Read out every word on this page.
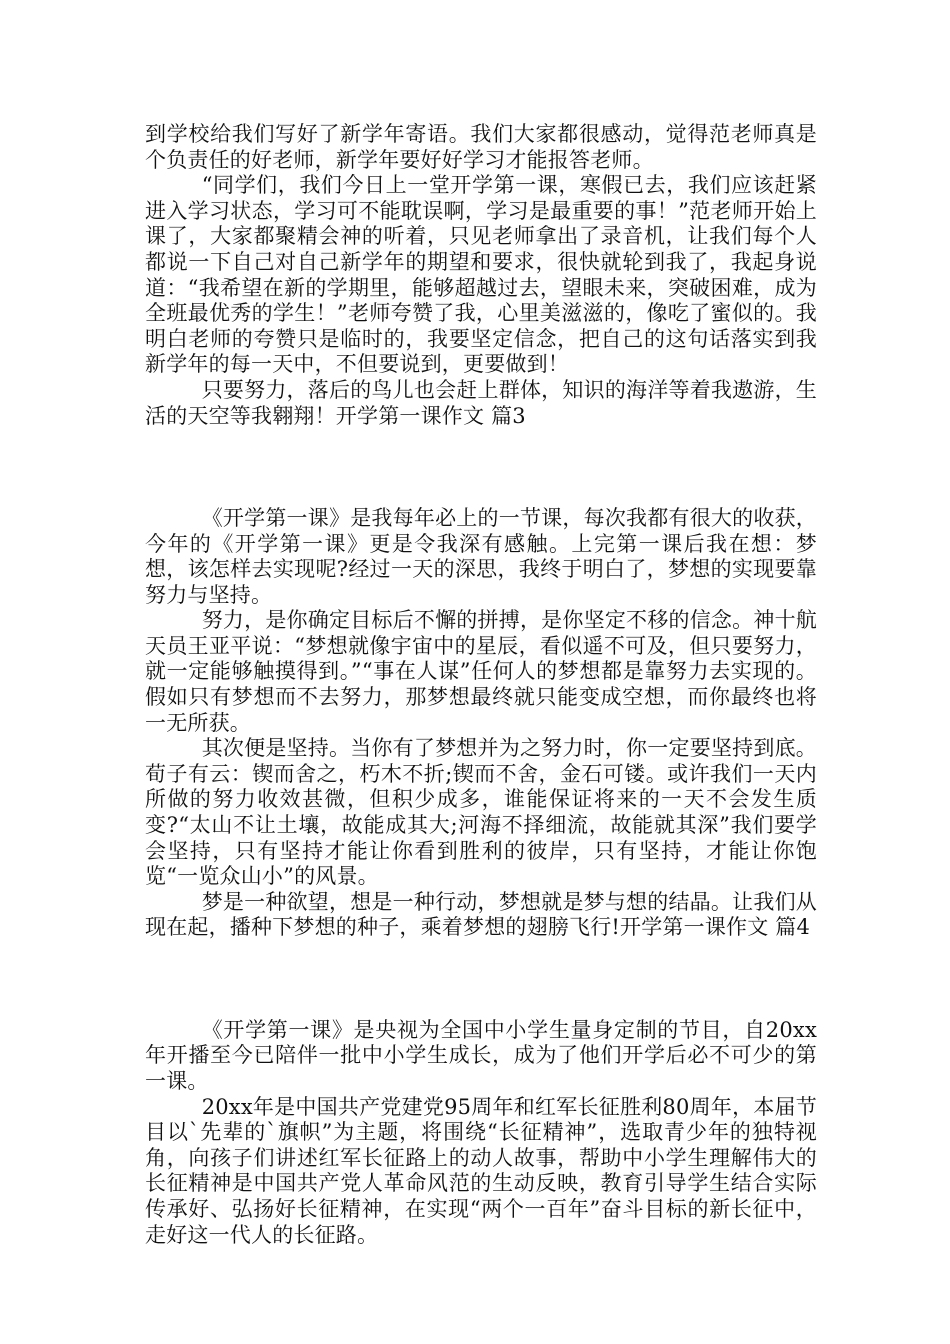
到学校给我们写好了新学年寄语。我们大家都很感动，觉得范老师真是个负责任的好老师，新学年要好好学习才能报答老师。

“同学们，我们今日上一堂开学第一课，寒假已去，我们应该赶紧进入学习状态，学习可不能耽误啊，学习是最重要的事！”范老师开始上课了，大家都聚精会神的听着，只见老师拿出了录音机，让我们每个人都说一下自己对自己新学年的期望和要求，很快就轮到我了，我起身说道：“我希望在新的学期里，能够超越过去，望眼未来，突破困难，成为全班最优秀的学生！”老师夸赞了我，心里美滋滋的，像吃了蜜似的。我明白老师的夸赞只是临时的，我要坚定信念，把自己的这句话落实到我新学年的每一天中，不但要说到，更要做到！

只要努力，落后的鸟儿也会赶上群体，知识的海洋等着我遨游，生活的天空等我翱翔！开学第一课作文 篇3

《开学第一课》是我每年必上的一节课，每次我都有很大的收获，今年的《开学第一课》更是令我深有感触。上完第一课后我在想：梦想，该怎样去实现呢?经过一天的深思，我终于明白了，梦想的实现要靠努力与坚持。

努力，是你确定目标后不懈的拼搏，是你坚定不移的信念。神十航天员王亚平说：“梦想就像宇宙中的星辰，看似遥不可及，但只要努力，就一定能够触摸得到。”“事在人谋”任何人的梦想都是靠努力去实现的。假如只有梦想而不去努力，那梦想最终就只能变成空想，而你最终也将一无所获。

其次便是坚持。当你有了梦想并为之努力时，你一定要坚持到底。荀子有云：锲而舍之，朽木不折;锲而不舍，金石可镂。或许我们一天内所做的努力收效甚微，但积少成多，谁能保证将来的一天不会发生质变?“太山不让土壤，故能成其大;河海不择细流，故能就其深”我们要学会坚持，只有坚持才能让你看到胜利的彼岸，只有坚持，才能让你饱览“一览众山小”的风景。

梦是一种欲望，想是一种行动，梦想就是梦与想的结晶。让我们从现在起，播种下梦想的种子，乘着梦想的翅膀飞行!开学第一课作文 篇4

《开学第一课》是央视为全国中小学生量身定制的节目，自20xx年开播至今已陪伴一批中小学生成长，成为了他们开学后必不可少的第一课。

20xx年是中国共产党建党95周年和红军长征胜利80周年，本届节目以`先辈的`旗帜”为主题，将围绕“长征精神”，选取青少年的独特视角，向孩子们讲述红军长征路上的动人故事，帮助中小学生理解伟大的长征精神是中国共产党人革命风范的生动反映，教育引导学生结合实际传承好、弘扬好长征精神，在实现“两个一百年”奋斗目标的新长征中，走好这一代人的长征路。
